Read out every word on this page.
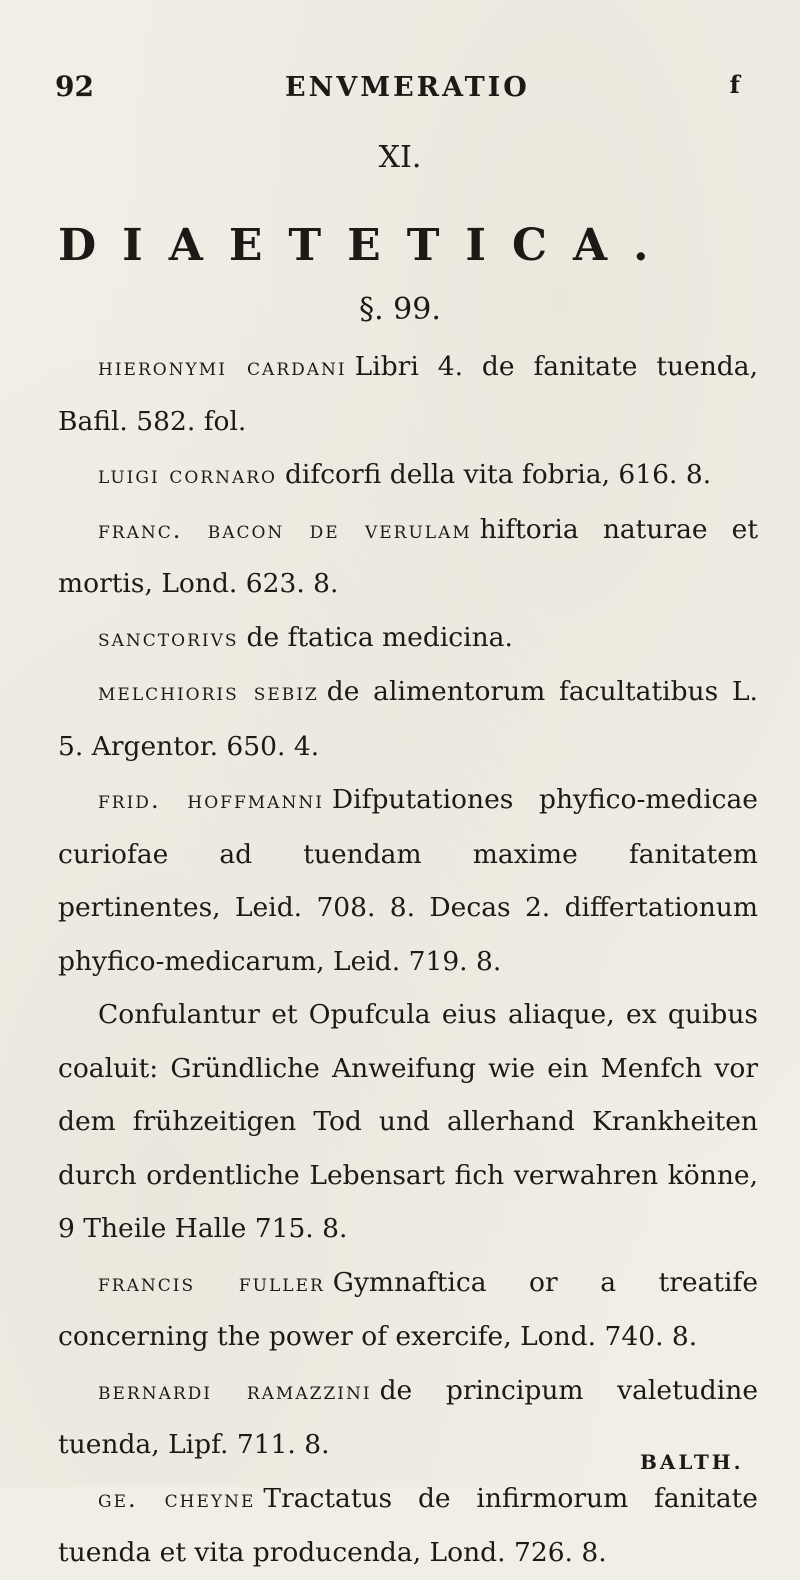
92	ENVMERATIO	f
XI.
DIAETETICA.
§. 99.

hieronymi cardani Libri 4. de fanitate tuenda, Bafil. 582. fol.

luigi cornaro difcorfi della vita fobria, 616. 8.

franc. bacon de verulam hiftoria naturae et mortis, Lond. 623. 8.

sanctorivs de ftatica medicina.

melchioris sebiz de alimentorum facultatibus L. 5. Argentor. 650. 4.

frid. hoffmanni Difputationes phyfico-medicae curiofae ad tuendam maxime fanitatem pertinentes, Leid. 708. 8. Decas 2. differtationum phyfico-medicarum, Leid. 719. 8.

Confulantur et Opufcula eius aliaque, ex quibus coaluit: Gründliche Anweifung wie ein Menfch vor dem frühzeitigen Tod und allerhand Krankheiten durch ordentliche Lebensart fich verwahren könne, 9 Theile Halle 715. 8.

francis fuller Gymnaftica or a treatife concerning the power of exercife, Lond. 740. 8.

bernardi ramazzini de principum valetudine tuenda, Lipf. 711. 8.

ge. cheyne Tractatus de infirmorum fanitate tuenda et vita producenda, Lond. 726. 8.

BALTH.
